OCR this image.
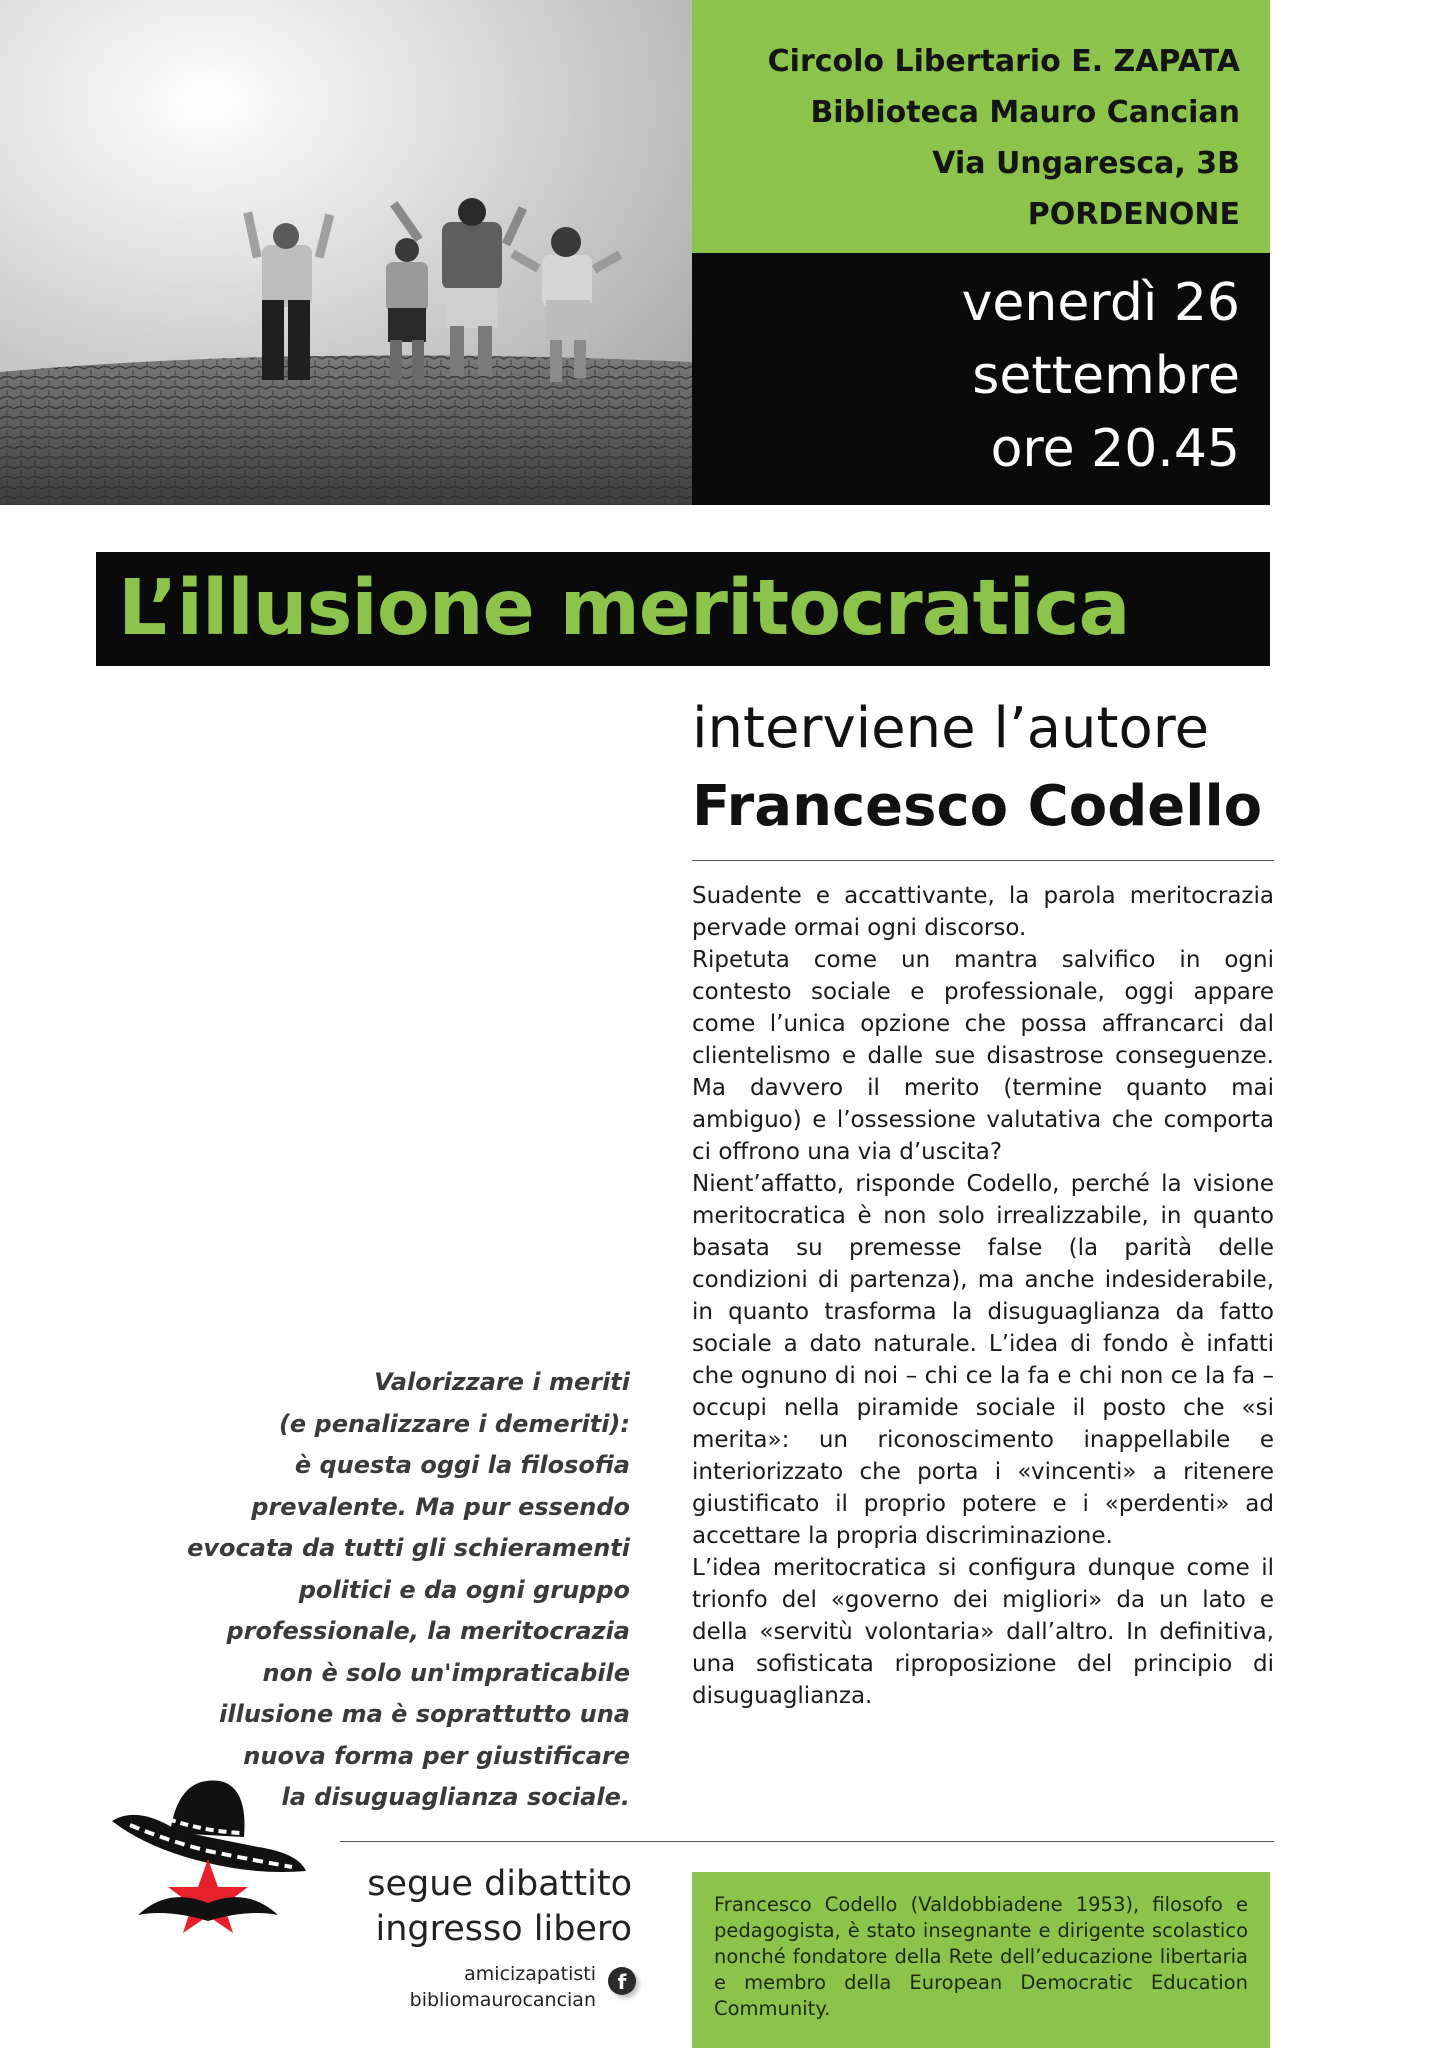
Circolo Libertario E. ZAPATA
Biblioteca Mauro Cancian
Via Ungaresca, 3B
PORDENONE
venerdì 26
settembre
ore 20.45
L’illusione meritocratica
interviene l’autore
Francesco Codello

Suadente e accattivante, la parola meritocrazia pervade ormai ogni discorso.

Ripetuta come un mantra salvifico in ogni contesto sociale e professionale, oggi appare come l’unica opzione che possa affrancarci dal clientelismo e dalle sue disastrose conseguenze. Ma davvero il merito (termine quanto mai ambiguo) e l’ossessione valutativa che comporta ci offrono una via d’uscita?

Nient’affatto, risponde Codello, perché la visione meritocratica è non solo irrealizzabile, in quanto basata su premesse false (la parità delle condizioni di partenza), ma anche indesiderabile, in quanto trasforma la disuguaglianza da fatto sociale a dato naturale. L’idea di fondo è infatti che ognuno di noi – chi ce la fa e chi non ce la fa – occupi nella piramide sociale il posto che «si merita»: un riconoscimento inappellabile e interiorizzato che porta i «vincenti» a ritenere giustificato il proprio potere e i «perdenti» ad accettare la propria discriminazione.

L’idea meritocratica si configura dunque come il trionfo del «governo dei migliori» da un lato e della «servitù volontaria» dall’altro. In definitiva, una sofisticata riproposizione del principio di disuguaglianza.

Valorizzare i meriti
(e penalizzare i demeriti):
è questa oggi la filosofia
prevalente. Ma pur essendo
evocata da tutti gli schieramenti
politici e da ogni gruppo
professionale, la meritocrazia
non è solo un'impraticabile
illusione ma è soprattutto una
nuova forma per giustificare
la disuguaglianza sociale.
segue dibattito
ingresso libero
amicizapatisti
bibliomaurocancian
f
Francesco Codello (Valdobbiadene 1953), filosofo e pedagogista, è stato insegnante e dirigente scolastico nonché fondatore della Rete dell’educazione libertaria e membro della European Democratic Education Community.
